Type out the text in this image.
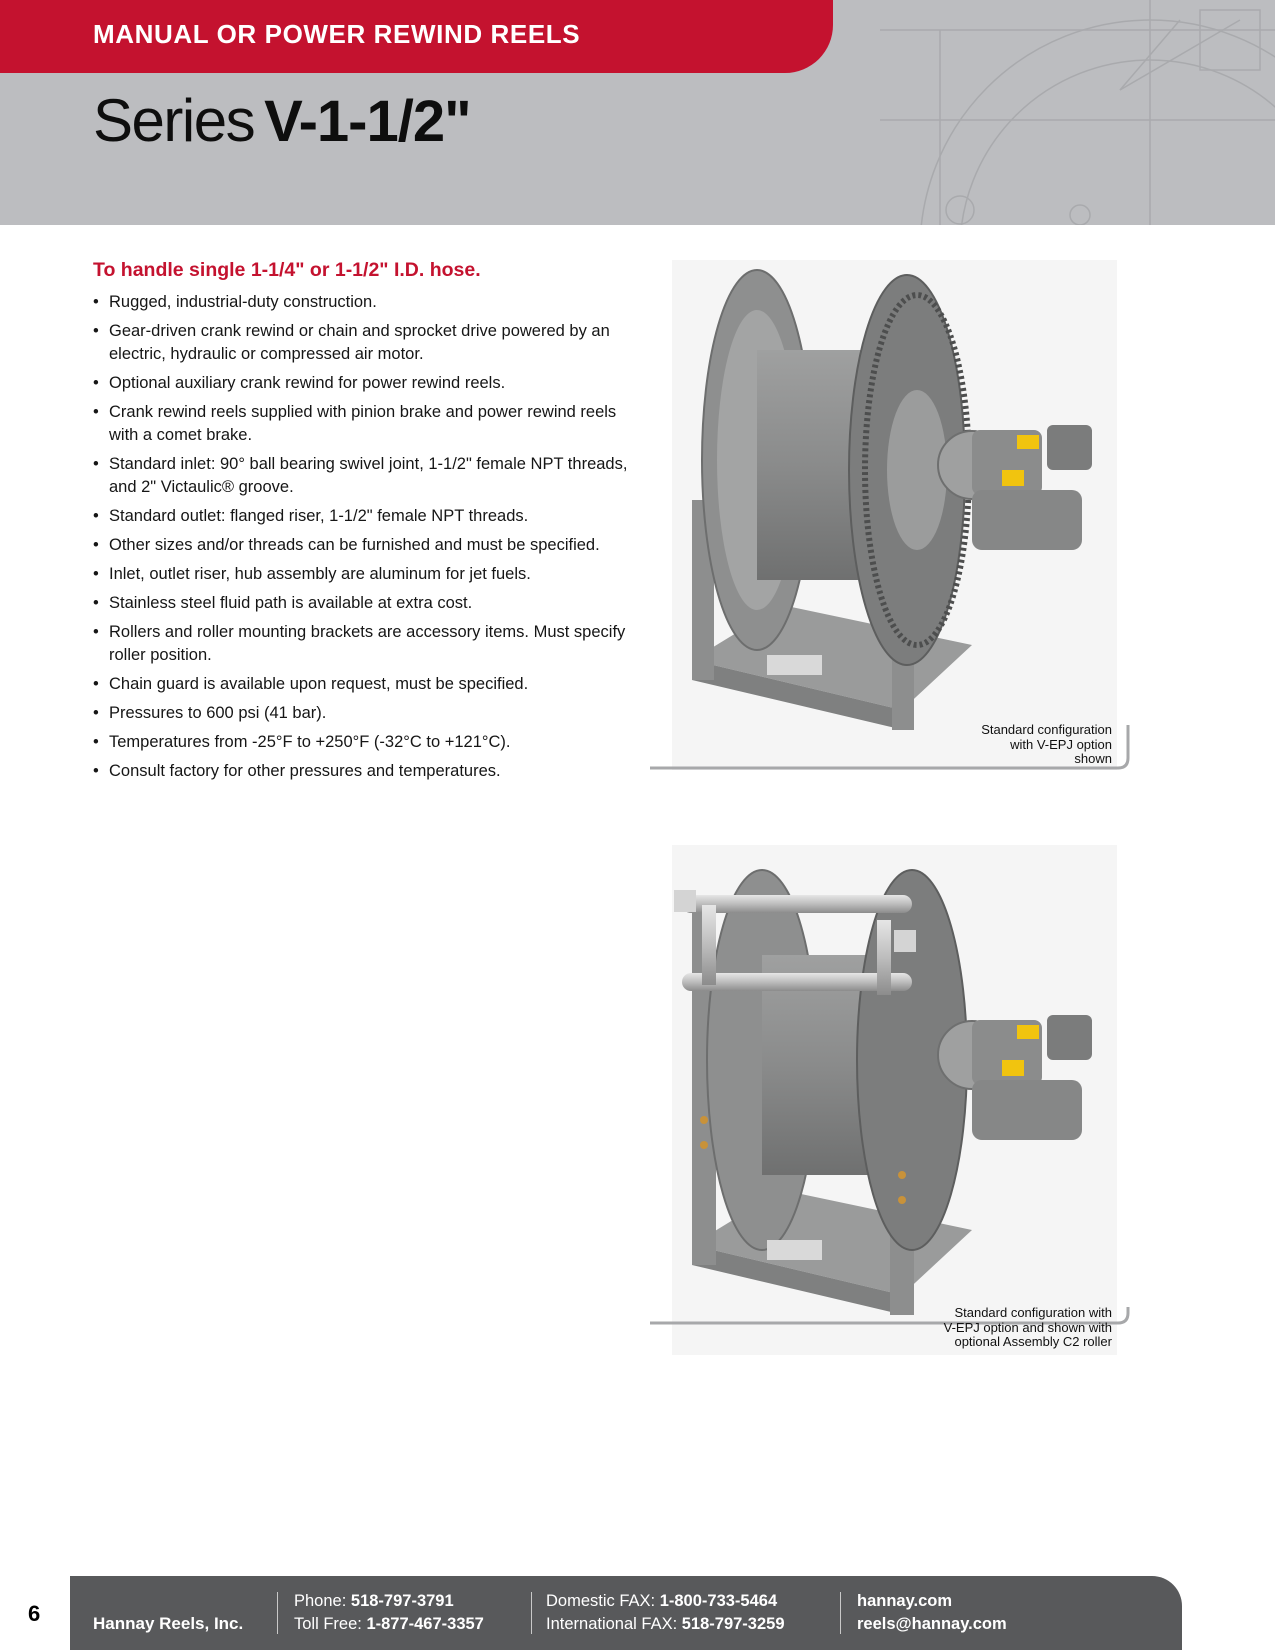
MANUAL OR POWER REWIND REELS
Series V-1-1/2"
To handle single 1-1/4" or 1-1/2" I.D. hose.
• Rugged, industrial-duty construction.
• Gear-driven crank rewind or chain and sprocket drive powered by an electric, hydraulic or compressed air motor.
• Optional auxiliary crank rewind for power rewind reels.
• Crank rewind reels supplied with pinion brake and power rewind reels with a comet brake.
• Standard inlet: 90° ball bearing swivel joint, 1-1/2" female NPT threads, and 2" Victaulic® groove.
• Standard outlet: flanged riser, 1-1/2" female NPT threads.
• Other sizes and/or threads can be furnished and must be specified.
• Inlet, outlet riser, hub assembly are aluminum for jet fuels.
• Stainless steel fluid path is available at extra cost.
• Rollers and roller mounting brackets are accessory items. Must specify roller position.
• Chain guard is available upon request, must be specified.
• Pressures to 600 psi (41 bar).
• Temperatures from -25°F to +250°F (-32°C to +121°C).
• Consult factory for other pressures and temperatures.
Standard configuration
with V-EPJ option
shown
Standard configuration with
V-EPJ option and shown with
optional Assembly C2 roller
6	Hannay Reels, Inc.
Phone: 518-797-3791
Toll Free: 1-877-467-3357
Domestic FAX: 1-800-733-5464
International FAX: 518-797-3259
hannay.com
reels@hannay.com
